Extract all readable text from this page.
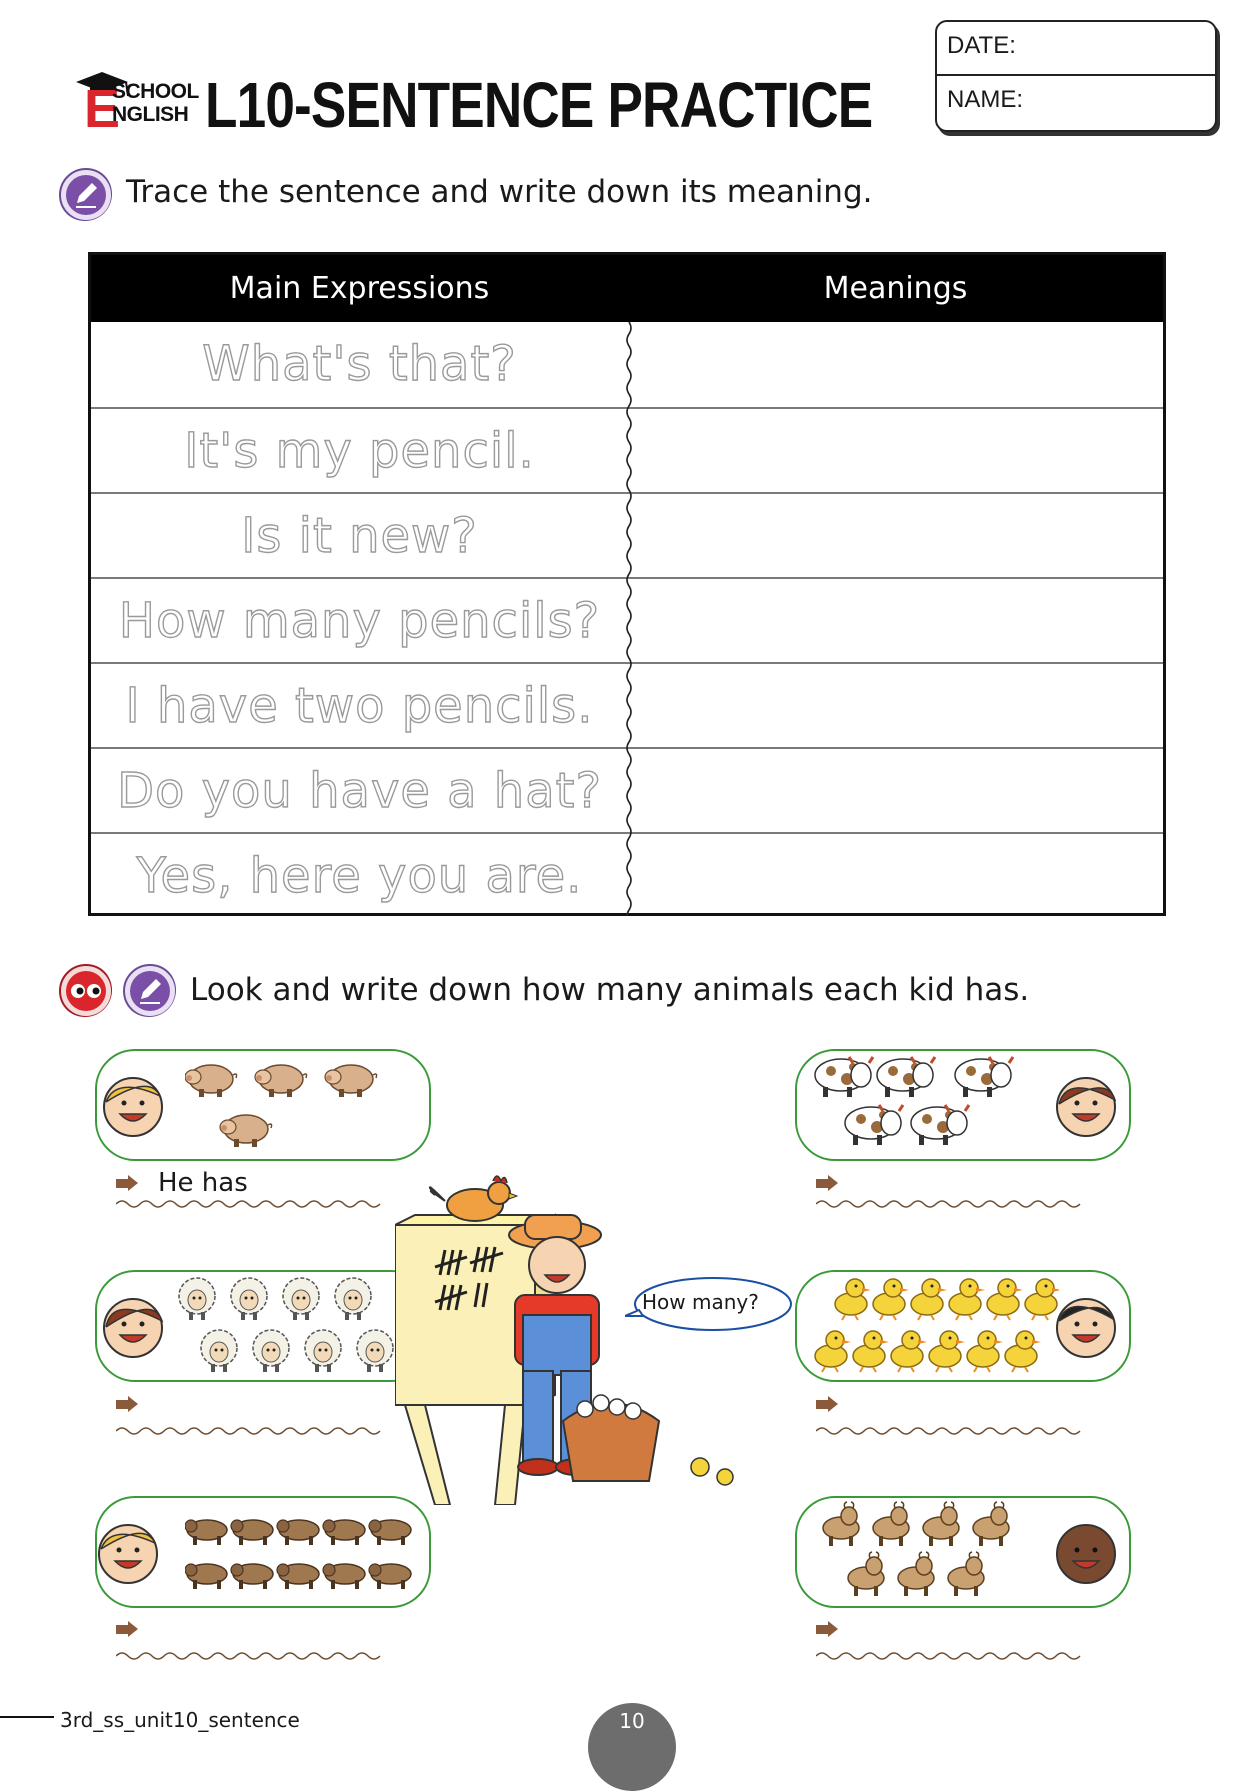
E
SCHOOL
NGLISH L10-SENTENCE PRACTICE
DATE:
NAME:
Trace the sentence and write down its meaning.
Main Expressions	Meanings
What's that?
It's my pencil.
Is it new?
How many pencils?
I have two pencils.
Do you have a hat?
Yes, here you are.
Look and write down how many animals each kid has.
He has
How many?
3rd_ss_unit10_sentence	10
